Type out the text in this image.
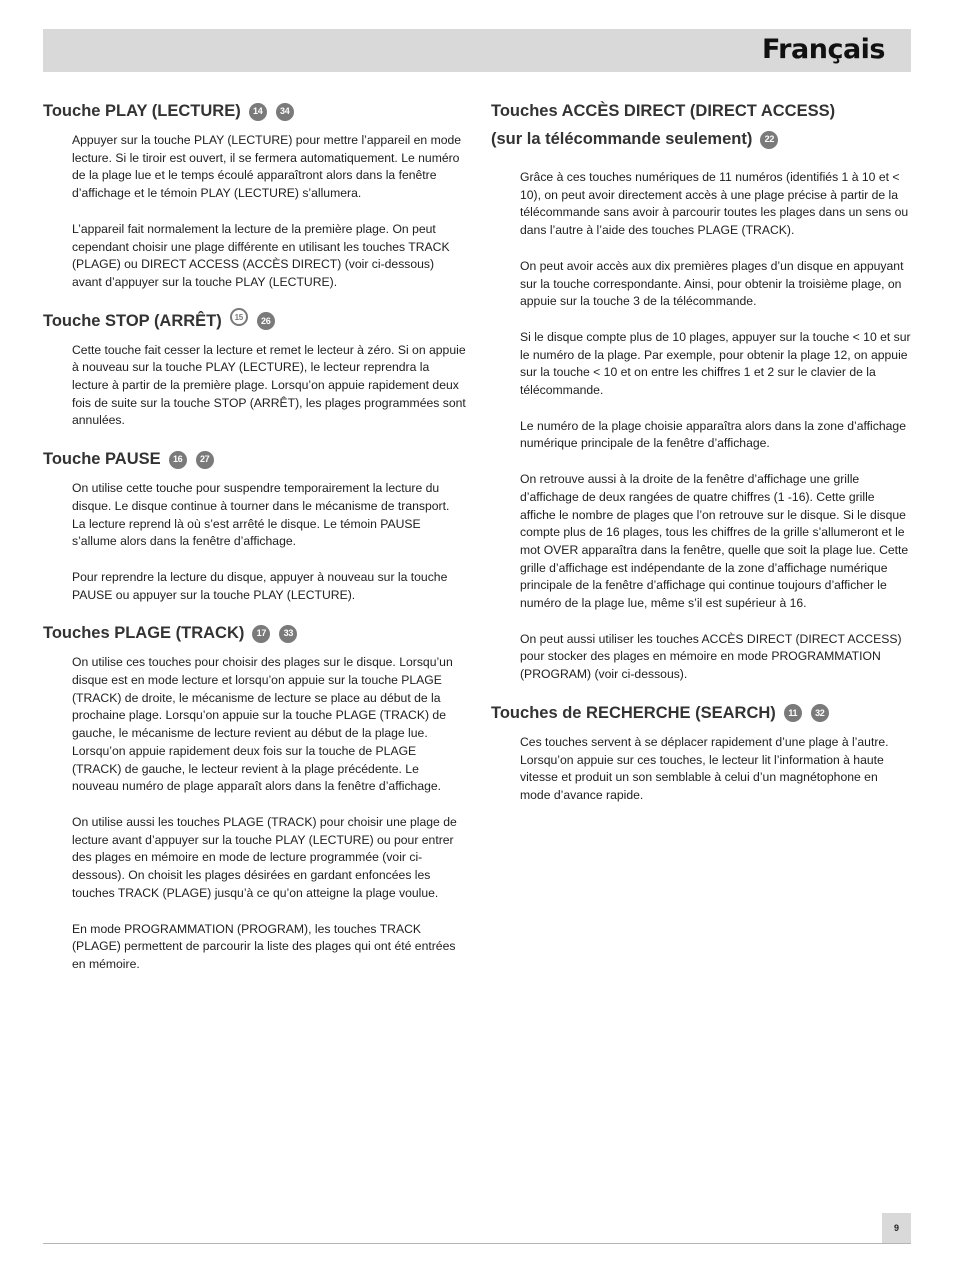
Français
Touche PLAY (LECTURE)	14	34

Appuyer sur la touche PLAY (LECTURE) pour mettre l’appareil en mode lecture. Si le tiroir est ouvert, il se fermera automatiquement. Le numéro de la plage lue et le temps écoulé apparaîtront alors dans la fenêtre d’affichage et le témoin PLAY (LECTURE) s’allumera.

L’appareil fait normalement la lecture de la première plage. On peut cependant choisir une plage différente en utilisant les touches TRACK (PLAGE) ou DIRECT ACCESS (ACCÈS DIRECT) (voir ci-dessous) avant d’appuyer sur la touche PLAY (LECTURE).

Touche STOP (ARRÊT)	15	26

Cette touche fait cesser la lecture et remet le lecteur à zéro. Si on appuie à nouveau sur la touche PLAY (LECTURE), le lecteur reprendra la lecture à partir de la première plage. Lorsqu’on appuie rapidement deux fois de suite sur la touche STOP (ARRÊT), les plages programmées sont annulées.

Touche PAUSE	16	27

On utilise cette touche pour suspendre temporairement la lecture du disque. Le disque continue à tourner dans le mécanisme de transport. La lecture reprend là où s’est arrêté le disque. Le témoin PAUSE s’allume alors dans la fenêtre d’affichage.

Pour reprendre la lecture du disque, appuyer à nouveau sur la touche PAUSE ou appuyer sur la touche PLAY (LECTURE).

Touches PLAGE (TRACK)	17	33

On utilise ces touches pour choisir des plages sur le disque. Lorsqu’un disque est en mode lecture et lorsqu’on appuie sur la touche PLAGE (TRACK) de droite, le mécanisme de lecture se place au début de la prochaine plage. Lorsqu’on appuie sur la touche PLAGE (TRACK) de gauche, le mécanisme de lecture revient au début de la plage lue. Lorsqu’on appuie rapidement deux fois sur la touche de PLAGE (TRACK) de gauche, le lecteur revient à la plage précédente. Le nouveau numéro de plage apparaît alors dans la fenêtre d’affichage.

On utilise aussi les touches PLAGE (TRACK) pour choisir une plage de lecture avant d’appuyer sur la touche PLAY (LECTURE) ou pour entrer des plages en mémoire en mode de lecture programmée (voir ci-dessous). On choisit les plages désirées en gardant enfoncées les touches TRACK (PLAGE) jusqu’à ce qu’on atteigne la plage voulue.

En mode PROGRAMMATION (PROGRAM), les touches TRACK (PLAGE) permettent de parcourir la liste des plages qui ont été entrées en mémoire.

Touches ACCÈS DIRECT (DIRECT ACCESS)
(sur la télécommande seulement)	22

Grâce à ces touches numériques de 11 numéros (identifiés 1 à 10 et < 10), on peut avoir directement accès à une plage précise à partir de la télécommande sans avoir à parcourir toutes les plages dans un sens ou dans l’autre à l’aide des touches PLAGE (TRACK).

On peut avoir accès aux dix premières plages d’un disque en appuyant sur la touche correspondante. Ainsi, pour obtenir la troisième plage, on appuie sur la touche 3 de la télécommande.

Si le disque compte plus de 10 plages, appuyer sur la touche < 10 et sur le numéro de la plage. Par exemple, pour obtenir la plage 12, on appuie sur la touche < 10 et on entre les chiffres 1 et 2 sur le clavier de la télécommande.

Le numéro de la plage choisie apparaîtra alors dans la zone d’affichage numérique principale de la fenêtre d’affichage.

On retrouve aussi à la droite de la fenêtre d’affichage une grille d’affichage de deux rangées de quatre chiffres (1 -16). Cette grille affiche le nombre de plages que l’on retrouve sur le disque. Si le disque compte plus de 16 plages, tous les chiffres de la grille s’allumeront et le mot OVER apparaîtra dans la fenêtre, quelle que soit la plage lue. Cette grille d’affichage est indépendante de la zone d’affichage numérique principale de la fenêtre d’affichage qui continue toujours d’afficher le numéro de la plage lue, même s’il est supérieur à 16.

On peut aussi utiliser les touches ACCÈS DIRECT (DIRECT ACCESS) pour stocker des plages en mémoire en mode PROGRAMMATION (PROGRAM) (voir ci-dessous).

Touches de RECHERCHE (SEARCH)	11	32

Ces touches servent à se déplacer rapidement d’une plage à l’autre. Lorsqu’on appuie sur ces touches, le lecteur lit l’information à haute vitesse et produit un son semblable à celui d’un magnétophone en mode d’avance rapide.

9
